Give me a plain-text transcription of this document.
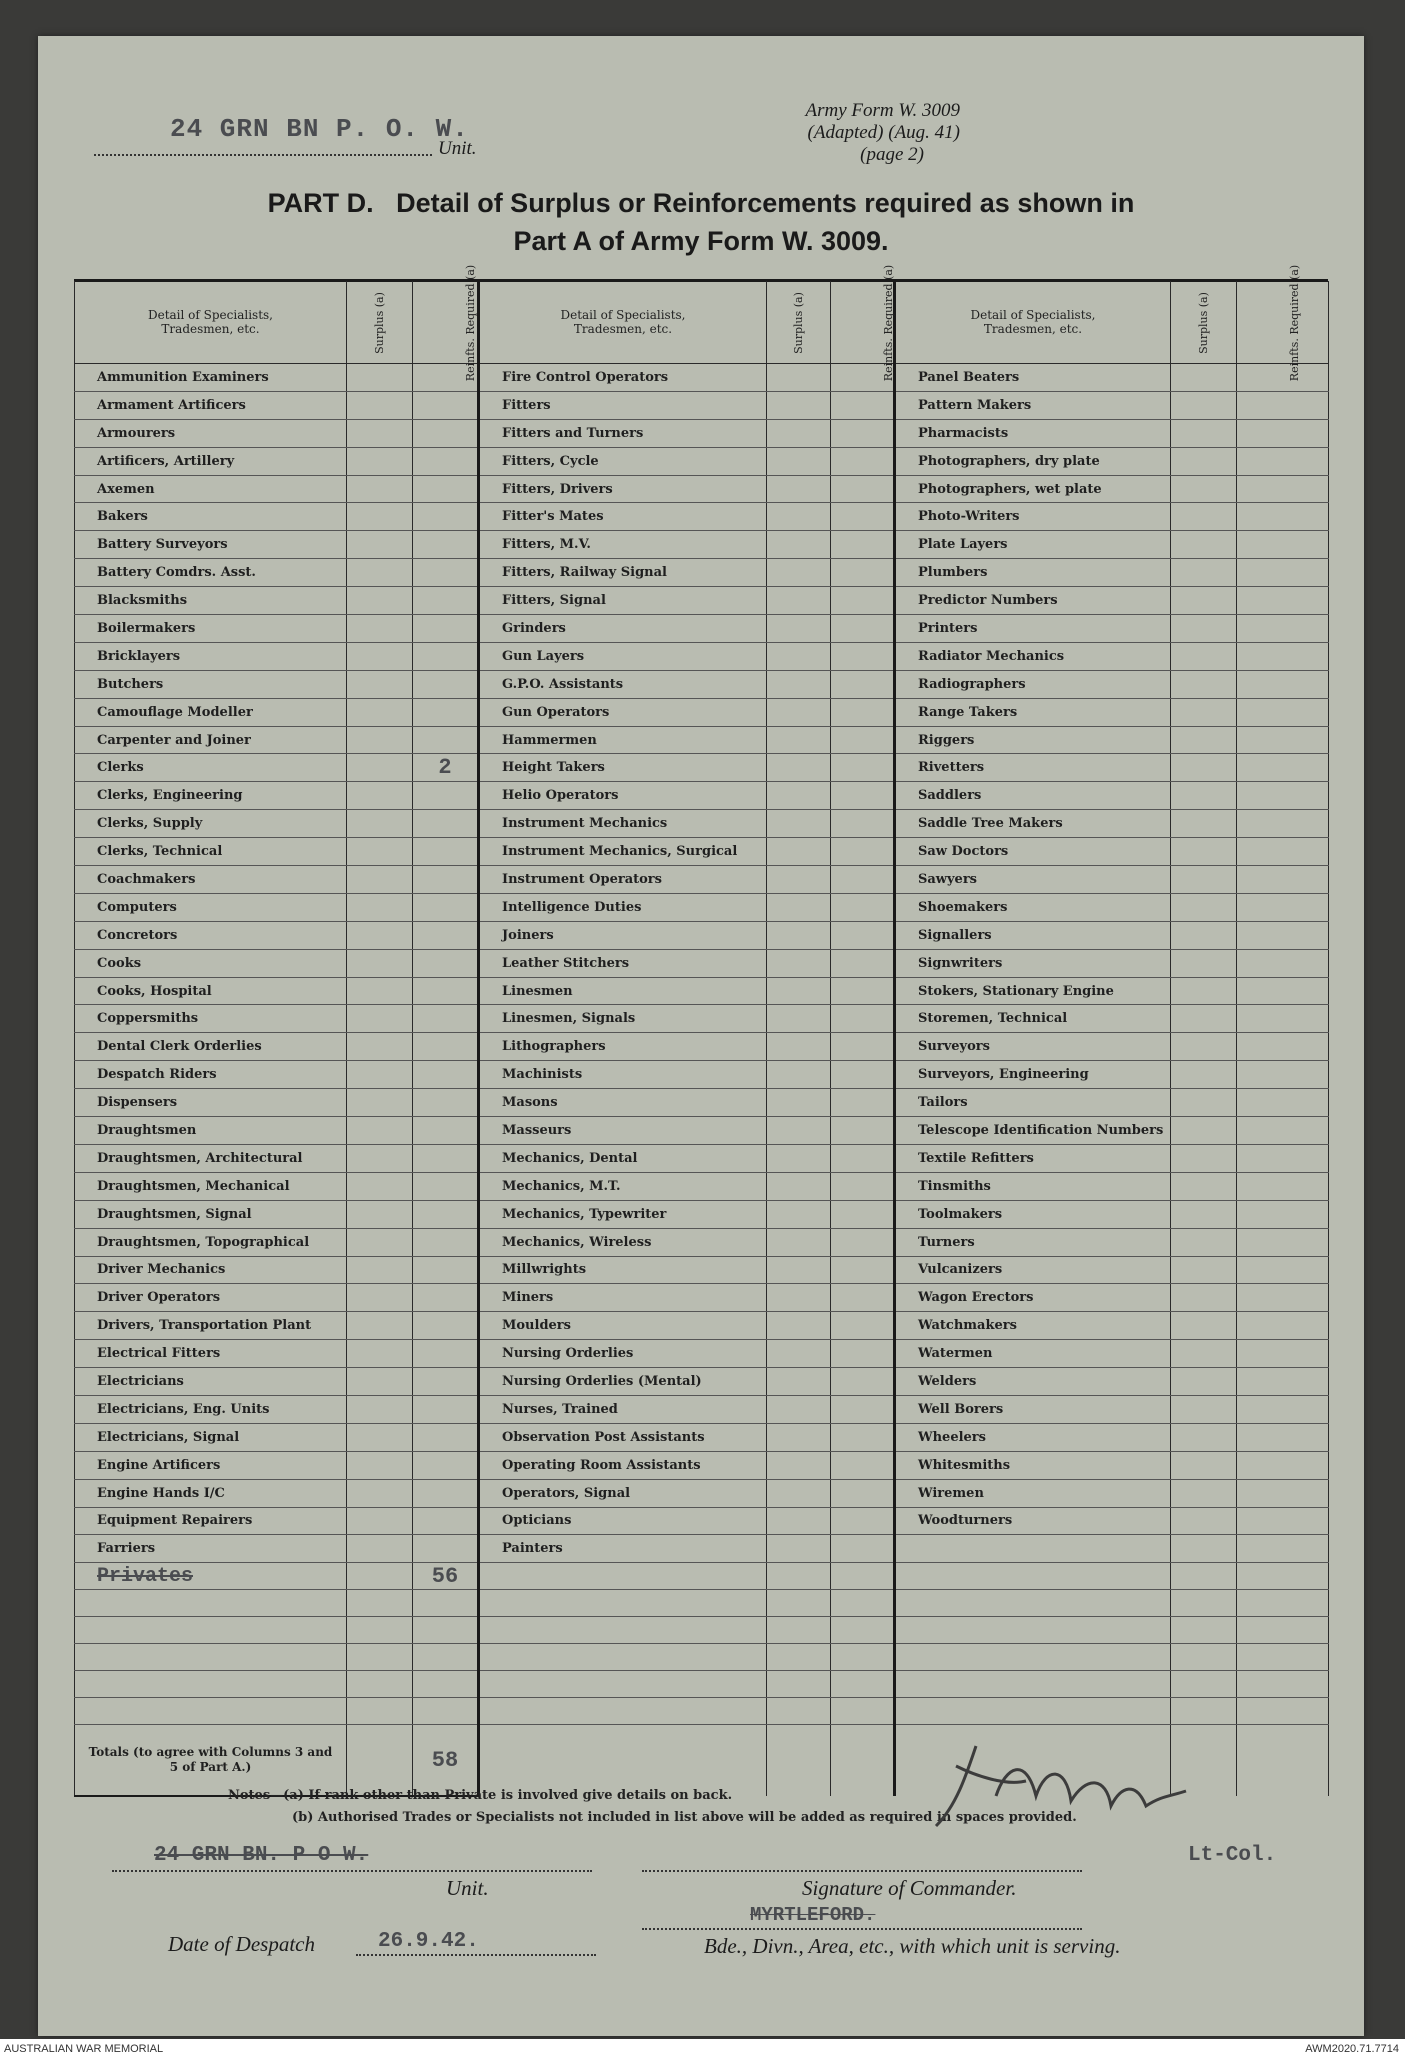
24 GRN BN P. O. W.
Unit.
Army Form W. 3009
(Adapted) (Aug. 41)
(page 2)
PART D.   Detail of Surplus or Reinforcements required as shown in
Part A of Army Form W. 3009.
Detail of Specialists, Tradesmen, etc.	Surplus (a)	Reinfts. Required (a)	Detail of Specialists, Tradesmen, etc.	Surplus (a)	Reinfts. Required (a)	Detail of Specialists, Tradesmen, etc.	Surplus (a)	Reinfts. Required (a)
Ammunition Examiners			Fire Control Operators			Panel Beaters		
Armament Artificers			Fitters			Pattern Makers		
Armourers			Fitters and Turners			Pharmacists		
Artificers, Artillery			Fitters, Cycle			Photographers, dry plate		
Axemen			Fitters, Drivers			Photographers, wet plate		
Bakers			Fitter's Mates			Photo-Writers		
Battery Surveyors			Fitters, M.V.			Plate Layers		
Battery Comdrs. Asst.			Fitters, Railway Signal			Plumbers		
Blacksmiths			Fitters, Signal			Predictor Numbers		
Boilermakers			Grinders			Printers		
Bricklayers			Gun Layers			Radiator Mechanics		
Butchers			G.P.O. Assistants			Radiographers		
Camouflage Modeller			Gun Operators			Range Takers		
Carpenter and Joiner			Hammermen			Riggers		
Clerks		2	Height Takers			Rivetters		
Clerks, Engineering			Helio Operators			Saddlers		
Clerks, Supply			Instrument Mechanics			Saddle Tree Makers		
Clerks, Technical			Instrument Mechanics, Surgical			Saw Doctors		
Coachmakers			Instrument Operators			Sawyers		
Computers			Intelligence Duties			Shoemakers		
Concretors			Joiners			Signallers		
Cooks			Leather Stitchers			Signwriters		
Cooks, Hospital			Linesmen			Stokers, Stationary Engine		
Coppersmiths			Linesmen, Signals			Storemen, Technical		
Dental Clerk Orderlies			Lithographers			Surveyors		
Despatch Riders			Machinists			Surveyors, Engineering		
Dispensers			Masons			Tailors		
Draughtsmen			Masseurs			Telescope Identification Numbers		
Draughtsmen, Architectural			Mechanics, Dental			Textile Refitters		
Draughtsmen, Mechanical			Mechanics, M.T.			Tinsmiths		
Draughtsmen, Signal			Mechanics, Typewriter			Toolmakers		
Draughtsmen, Topographical			Mechanics, Wireless			Turners		
Driver Mechanics			Millwrights			Vulcanizers		
Driver Operators			Miners			Wagon Erectors		
Drivers, Transportation Plant			Moulders			Watchmakers		
Electrical Fitters			Nursing Orderlies			Watermen		
Electricians			Nursing Orderlies (Mental)			Welders		
Electricians, Eng. Units			Nurses, Trained			Well Borers		
Electricians, Signal			Observation Post Assistants			Wheelers		
Engine Artificers			Operating Room Assistants			Whitesmiths		
Engine Hands I/C			Operators, Signal			Wiremen		
Equipment Repairers			Opticians			Woodturners		
Farriers			Painters					
Privates		56						

Totals (to agree with Columns 3 and 5 of Part A.)		58						
Notes—(a) If rank other than Private is involved give details on back.
(b) Authorised Trades or Specialists not included in list above will be added as required in spaces provided.
24 GRN BN. P O W.
Unit.	Signature of Commander.
Lt-Col.
Date of Despatch	26.9.42.
MYRTLEFORD.
Bde., Divn., Area, etc., with which unit is serving.
AUSTRALIAN WAR MEMORIAL	AWM2020.71.7714
